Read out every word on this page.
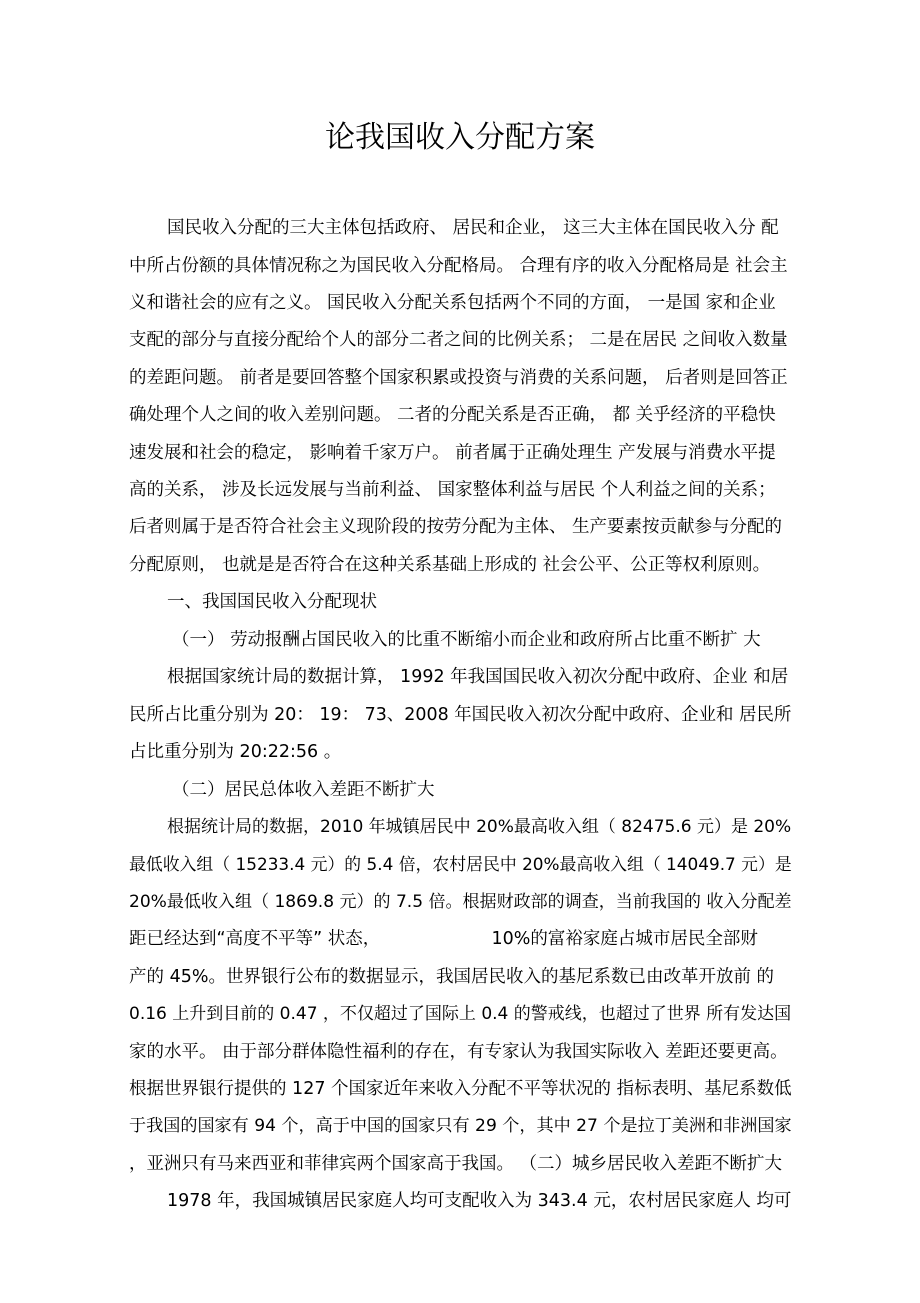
论我国收入分配方案

国民收入分配的三大主体包括政府、 居民和企业， 这三大主体在国民收入分 配

中所占份额的具体情况称之为国民收入分配格局。 合理有序的收入分配格局是 社会主

义和谐社会的应有之义。 国民收入分配关系包括两个不同的方面， 一是国 家和企业

支配的部分与直接分配给个人的部分二者之间的比例关系； 二是在居民 之间收入数量

的差距问题。 前者是要回答整个国家积累或投资与消费的关系问题， 后者则是回答正

确处理个人之间的收入差别问题。 二者的分配关系是否正确， 都 关乎经济的平稳快

速发展和社会的稳定， 影响着千家万户。 前者属于正确处理生 产发展与消费水平提

高的关系， 涉及长远发展与当前利益、 国家整体利益与居民 个人利益之间的关系；

后者则属于是否符合社会主义现阶段的按劳分配为主体、 生产要素按贡献参与分配的

分配原则， 也就是是否符合在这种关系基础上形成的 社会公平、公正等权利原则。

一、我国国民收入分配现状

（一） 劳动报酬占国民收入的比重不断缩小而企业和政府所占比重不断扩 大

根据国家统计局的数据计算， 1992 年我国国民收入初次分配中政府、企业 和居

民所占比重分别为 20： 19： 73、2008 年国民收入初次分配中政府、企业和 居民所

占比重分别为 20:22:56 。

（二）居民总体收入差距不断扩大

根据统计局的数据，2010 年城镇居民中 20%最高收入组（ 82475.6 元）是 20%

最低收入组（ 15233.4 元）的 5.4 倍，农村居民中 20%最高收入组（ 14049.7 元）是

20%最低收入组（ 1869.8 元）的 7.5 倍。根据财政部的调查，当前我国的 收入分配差

距已经达到“高度不平等” 状态，                    10%的富裕家庭占城市居民全部财

产的 45%。世界银行公布的数据显示，我国居民收入的基尼系数已由改革开放前 的

0.16 上升到目前的 0.47 ，不仅超过了国际上 0.4 的警戒线，也超过了世界 所有发达国

家的水平。 由于部分群体隐性福利的存在，有专家认为我国实际收入 差距还要更高。

根据世界银行提供的 127 个国家近年来收入分配不平等状况的 指标表明、基尼系数低

于我国的国家有 94 个，高于中国的国家只有 29 个，其中 27 个是拉丁美洲和非洲国家

，亚洲只有马来西亚和菲律宾两个国家高于我国。 （二）城乡居民收入差距不断扩大

1978 年，我国城镇居民家庭人均可支配收入为 343.4 元，农村居民家庭人 均可
